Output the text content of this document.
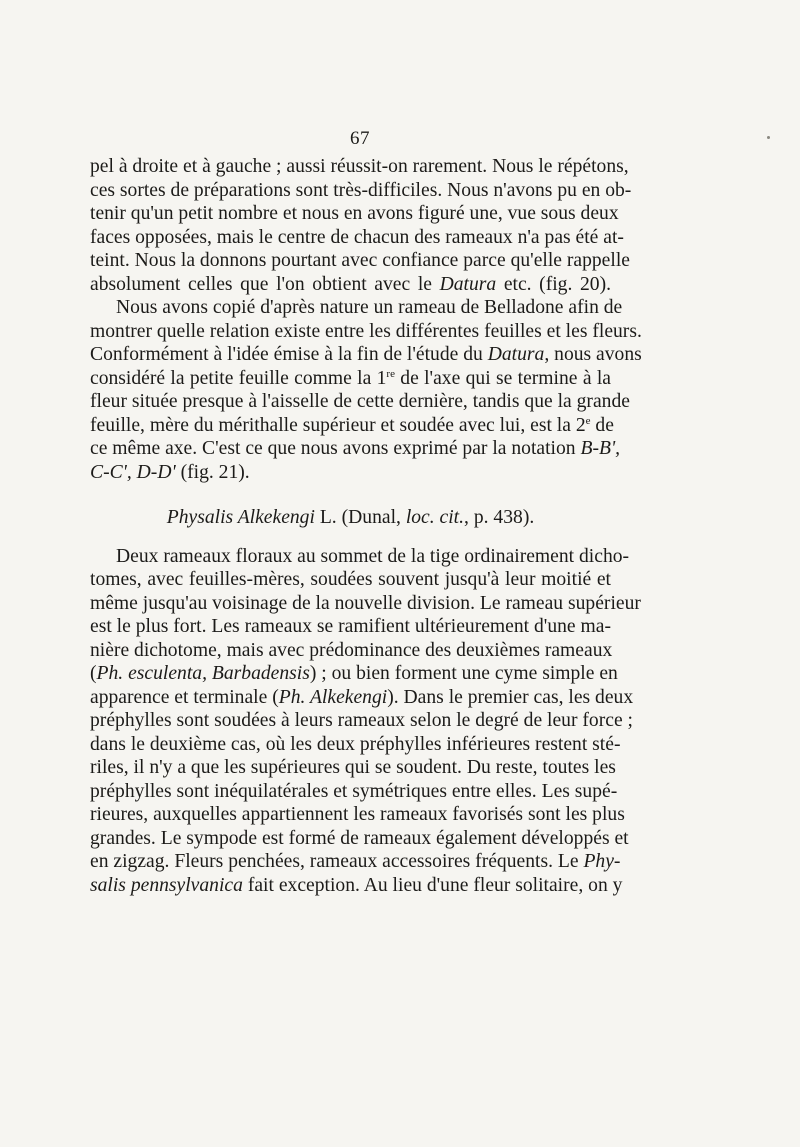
67
pel à droite et à gauche ; aussi réussit-on rarement. Nous le répétons,
ces sortes de préparations sont très-difficiles. Nous n'avons pu en ob-
tenir qu'un petit nombre et nous en avons figuré une, vue sous deux
faces opposées, mais le centre de chacun des rameaux n'a pas été at-
teint. Nous la donnons pourtant avec confiance parce qu'elle rappelle
absolument celles que l'on obtient avec le Datura etc. (fig. 20).
Nous avons copié d'après nature un rameau de Belladone afin de
montrer quelle relation existe entre les différentes feuilles et les fleurs.
Conformément à l'idée émise à la fin de l'étude du Datura, nous avons
considéré la petite feuille comme la 1re de l'axe qui se termine à la
fleur située presque à l'aisselle de cette dernière, tandis que la grande
feuille, mère du mérithalle supérieur et soudée avec lui, est la 2e de
ce même axe. C'est ce que nous avons exprimé par la notation B-B',
C-C', D-D' (fig. 21).
Physalis Alkekengi L. (Dunal, loc. cit., p. 438).
Deux rameaux floraux au sommet de la tige ordinairement dicho-
tomes, avec feuilles-mères, soudées souvent jusqu'à leur moitié et
même jusqu'au voisinage de la nouvelle division. Le rameau supérieur
est le plus fort. Les rameaux se ramifient ultérieurement d'une ma-
nière dichotome, mais avec prédominance des deuxièmes rameaux
(Ph. esculenta, Barbadensis) ; ou bien forment une cyme simple en
apparence et terminale (Ph. Alkekengi). Dans le premier cas, les deux
préphylles sont soudées à leurs rameaux selon le degré de leur force ;
dans le deuxième cas, où les deux préphylles inférieures restent sté-
riles, il n'y a que les supérieures qui se soudent. Du reste, toutes les
préphylles sont inéquilatérales et symétriques entre elles. Les supé-
rieures, auxquelles appartiennent les rameaux favorisés sont les plus
grandes. Le sympode est formé de rameaux également développés et
en zigzag. Fleurs penchées, rameaux accessoires fréquents. Le Phy-
salis pennsylvanica fait exception. Au lieu d'une fleur solitaire, on y
